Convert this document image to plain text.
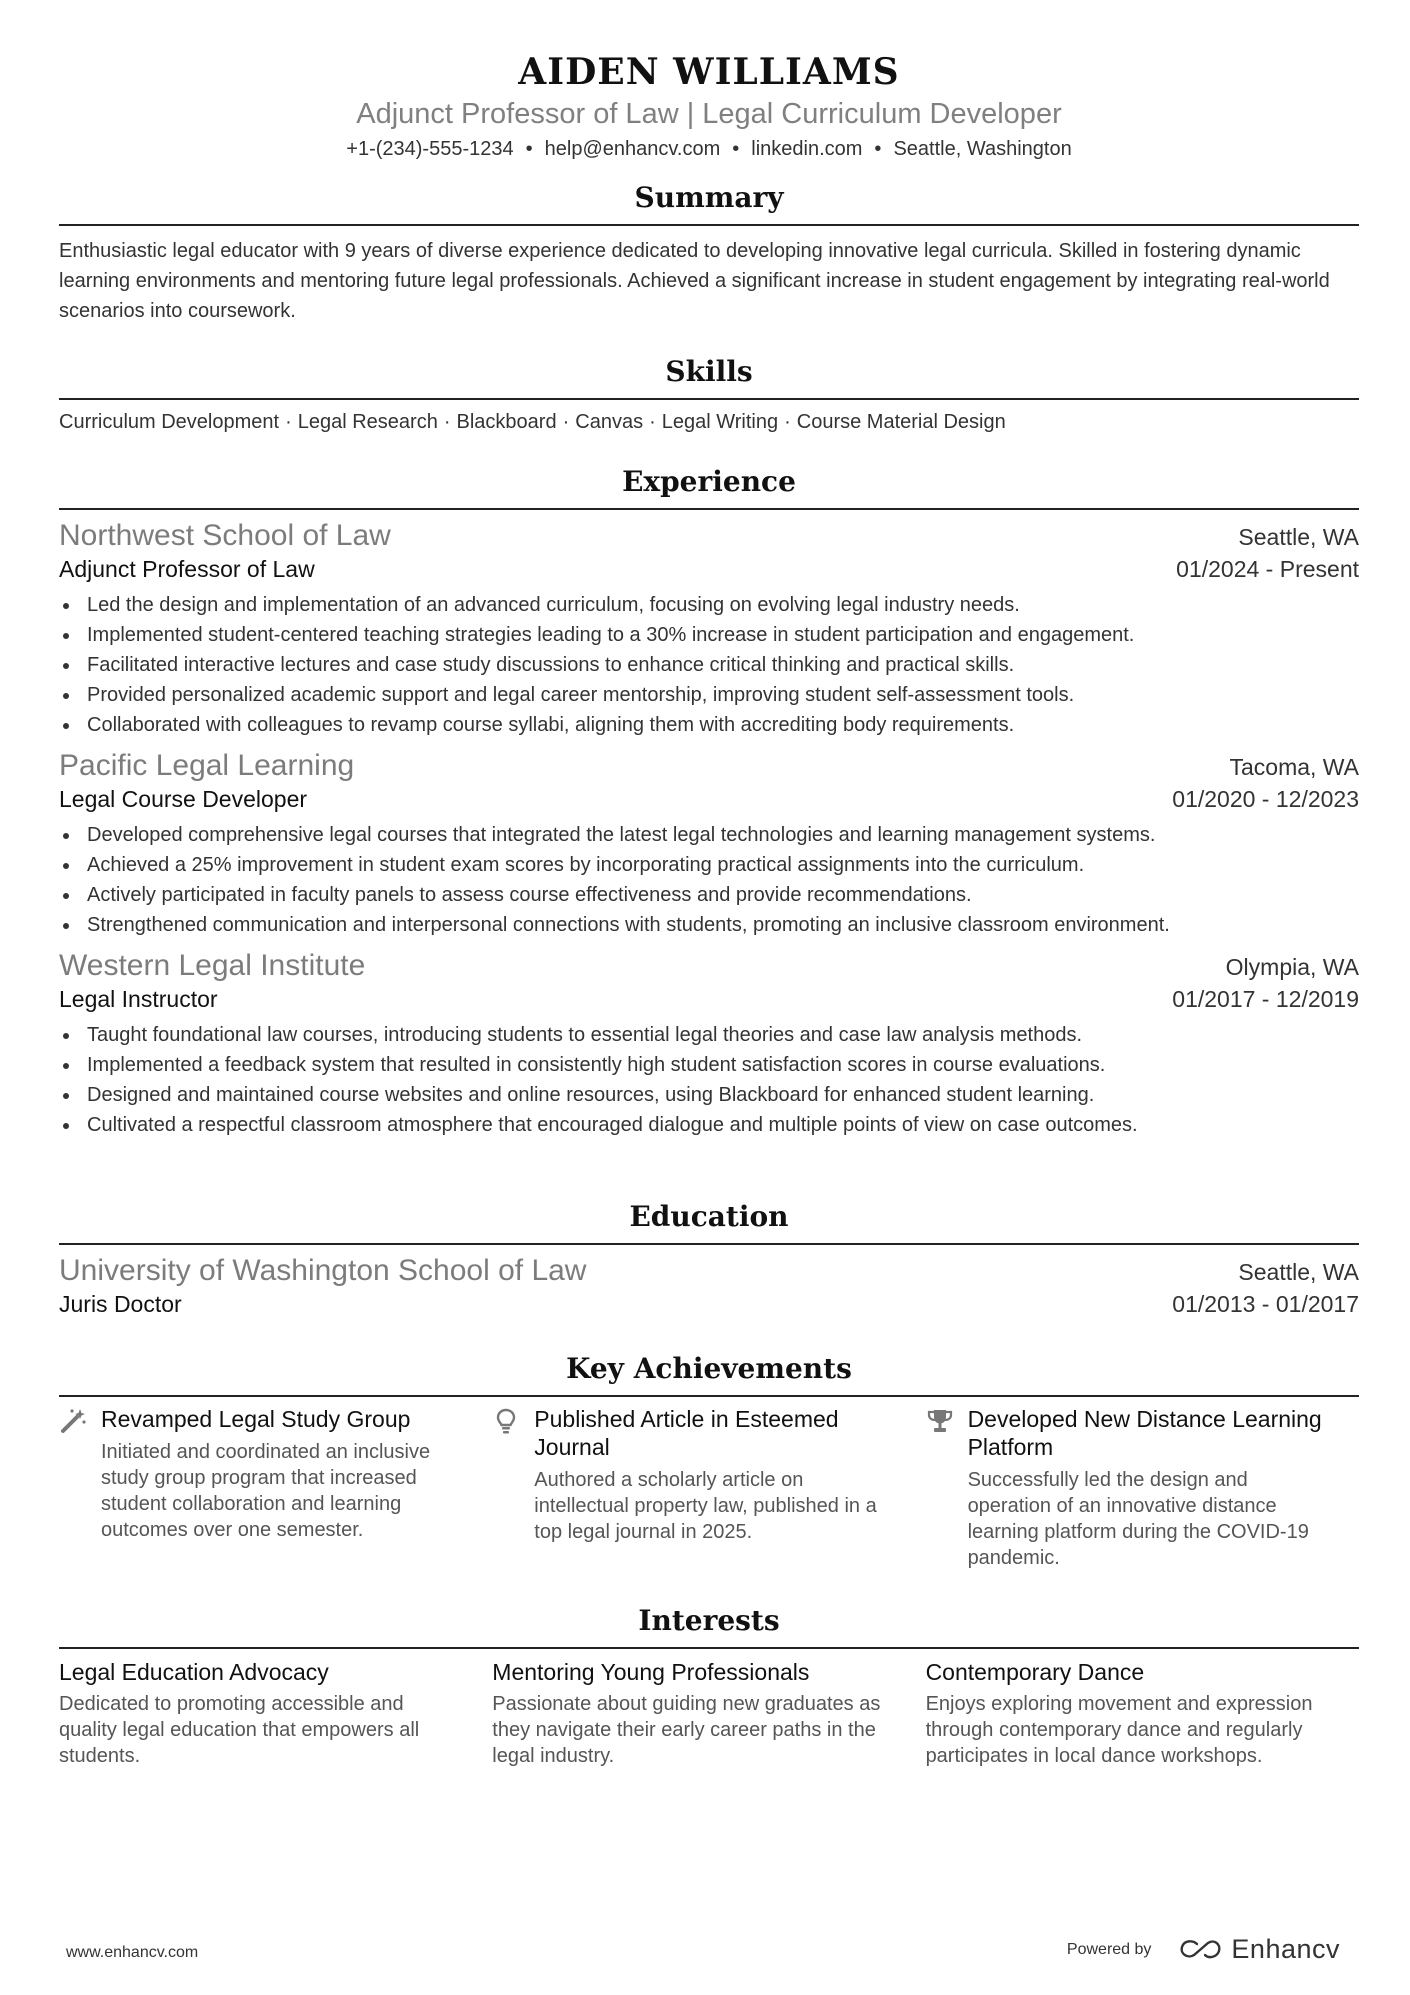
AIDEN WILLIAMS
Adjunct Professor of Law | Legal Curriculum Developer
+1-(234)-555-1234 • help@enhancv.com • linkedin.com • Seattle, Washington
Summary
Enthusiastic legal educator with 9 years of diverse experience dedicated to developing innovative legal curricula. Skilled in fostering dynamic learning environments and mentoring future legal professionals. Achieved a significant increase in student engagement by integrating real-world scenarios into coursework.
Skills
Curriculum Development · Legal Research · Blackboard · Canvas · Legal Writing · Course Material Design
Experience
Northwest School of Law	Seattle, WA
Adjunct Professor of Law	01/2024 - Present
Led the design and implementation of an advanced curriculum, focusing on evolving legal industry needs.
Implemented student-centered teaching strategies leading to a 30% increase in student participation and engagement.
Facilitated interactive lectures and case study discussions to enhance critical thinking and practical skills.
Provided personalized academic support and legal career mentorship, improving student self-assessment tools.
Collaborated with colleagues to revamp course syllabi, aligning them with accrediting body requirements.
Pacific Legal Learning	Tacoma, WA
Legal Course Developer	01/2020 - 12/2023
Developed comprehensive legal courses that integrated the latest legal technologies and learning management systems.
Achieved a 25% improvement in student exam scores by incorporating practical assignments into the curriculum.
Actively participated in faculty panels to assess course effectiveness and provide recommendations.
Strengthened communication and interpersonal connections with students, promoting an inclusive classroom environment.
Western Legal Institute	Olympia, WA
Legal Instructor	01/2017 - 12/2019
Taught foundational law courses, introducing students to essential legal theories and case law analysis methods.
Implemented a feedback system that resulted in consistently high student satisfaction scores in course evaluations.
Designed and maintained course websites and online resources, using Blackboard for enhanced student learning.
Cultivated a respectful classroom atmosphere that encouraged dialogue and multiple points of view on case outcomes.
Education
University of Washington School of Law	Seattle, WA
Juris Doctor	01/2013 - 01/2017
Key Achievements
Revamped Legal Study Group
Initiated and coordinated an inclusive study group program that increased student collaboration and learning outcomes over one semester.
Published Article in Esteemed Journal
Authored a scholarly article on intellectual property law, published in a top legal journal in 2025.
Developed New Distance Learning Platform
Successfully led the design and operation of an innovative distance learning platform during the COVID-19 pandemic.
Interests
Legal Education Advocacy
Dedicated to promoting accessible and quality legal education that empowers all students.
Mentoring Young Professionals
Passionate about guiding new graduates as they navigate their early career paths in the legal industry.
Contemporary Dance
Enjoys exploring movement and expression through contemporary dance and regularly participates in local dance workshops.
www.enhancv.com	Powered by	Enhancv
